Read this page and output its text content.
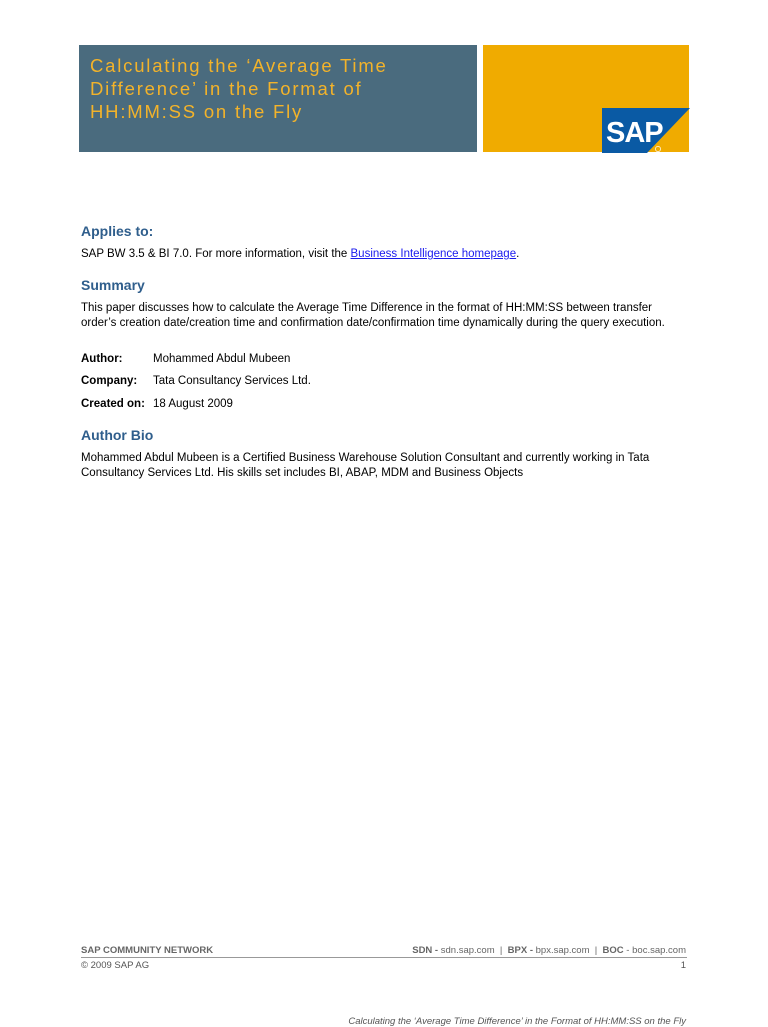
Calculating the ‘Average Time
Difference’ in the Format of
HH:MM:SS on the Fly
SAP
Applies to:

SAP BW 3.5 & BI 7.0. For more information, visit the Business Intelligence homepage.

Summary

This paper discusses how to calculate the Average Time Difference in the format of HH:MM:SS between transfer order’s creation date/creation time and confirmation date/confirmation time dynamically during the query execution.

Author:	Mohammed Abdul Mubeen
Company: Tata Consultancy Services Ltd.
Created on: 18 August 2009
Author Bio

Mohammed Abdul Mubeen is a Certified Business Warehouse Solution Consultant and currently working in Tata Consultancy Services Ltd. His skills set includes BI, ABAP, MDM and Business Objects

SAP COMMUNITY NETWORK	SDN - sdn.sap.com | BPX - bpx.sap.com | BOC - boc.sap.com
© 2009 SAP AG	1
Calculating the ‘Average Time Difference’ in the Format of HH:MM:SS on the Fly
